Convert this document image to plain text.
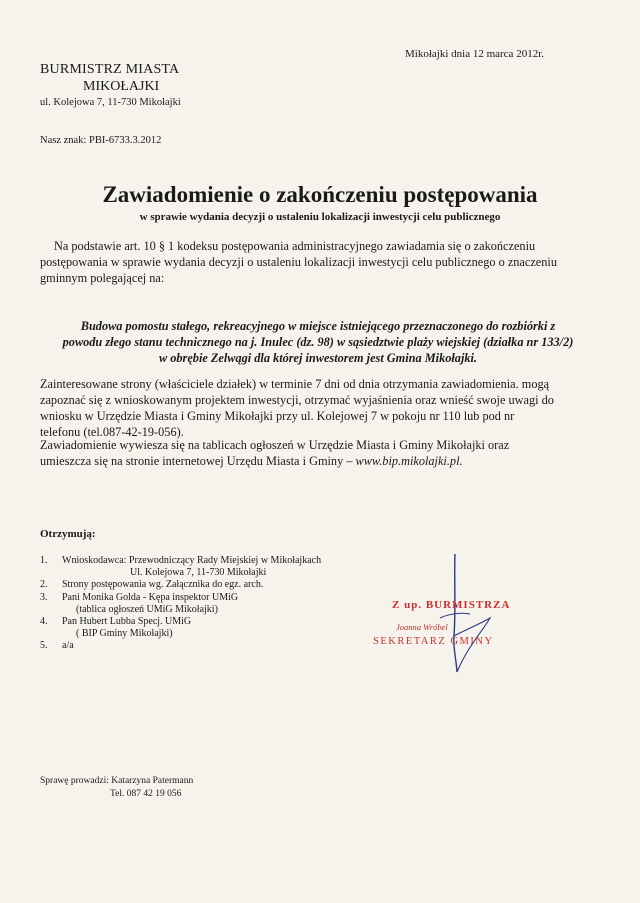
Mikołajki dnia 12 marca 2012r.
BURMISTRZ MIASTA
MIKOŁAJKI
ul. Kolejowa 7, 11-730 Mikołajki
Nasz znak: PBI-6733.3.2012
Zawiadomienie o zakończeniu postępowania
w sprawie wydania decyzji o ustaleniu lokalizacji inwestycji celu publicznego
Na podstawie art. 10 § 1 kodeksu postępowania administracyjnego zawiadamia się o zakończeniu
postępowania w sprawie wydania decyzji o ustaleniu lokalizacji inwestycji celu publicznego o znaczeniu
gminnym polegającej na:
Budowa pomostu stałego, rekreacyjnego w miejsce istniejącego przeznaczonego do rozbiórki z
powodu złego stanu technicznego na j. Inulec (dz. 98) w sąsiedztwie plaży wiejskiej (działka nr 133/2)
w obrębie Zelwągi dla której inwestorem jest Gmina Mikołajki.
Zainteresowane strony (właściciele działek) w terminie 7 dni od dnia otrzymania zawiadomienia. mogą
zapoznać się z wnioskowanym projektem inwestycji, otrzymać wyjaśnienia oraz wnieść swoje uwagi do
wniosku w Urzędzie Miasta i Gminy Mikołajki przy ul. Kolejowej 7 w pokoju nr 110 lub pod nr
telefonu (tel.087-42-19-056).
Zawiadomienie wywiesza się na tablicach ogłoszeń w Urzędzie Miasta i Gminy Mikołajki oraz
umieszcza się na stronie internetowej Urzędu Miasta i Gminy – www.bip.mikolajki.pl.
Otrzymują:
1. Wnioskodawca: Przewodniczący Rady Miejskiej w Mikołajkach
Ul. Kolejowa 7, 11-730 Mikołajki
2. Strony postępowania wg. Załącznika do egz. arch.
3. Pani Monika Golda - Kępa inspektor UMiG
(tablica ogłoszeń UMiG Mikołajki)
4. Pan Hubert Lubba Specj. UMiG
( BIP Gminy Mikołajki)
5. a/a
Z up. BURMISTRZA
Joanna Wróbel
SEKRETARZ GMINY
Sprawę prowadzi: Katarzyna Patermann
Tel. 087 42 19 056
